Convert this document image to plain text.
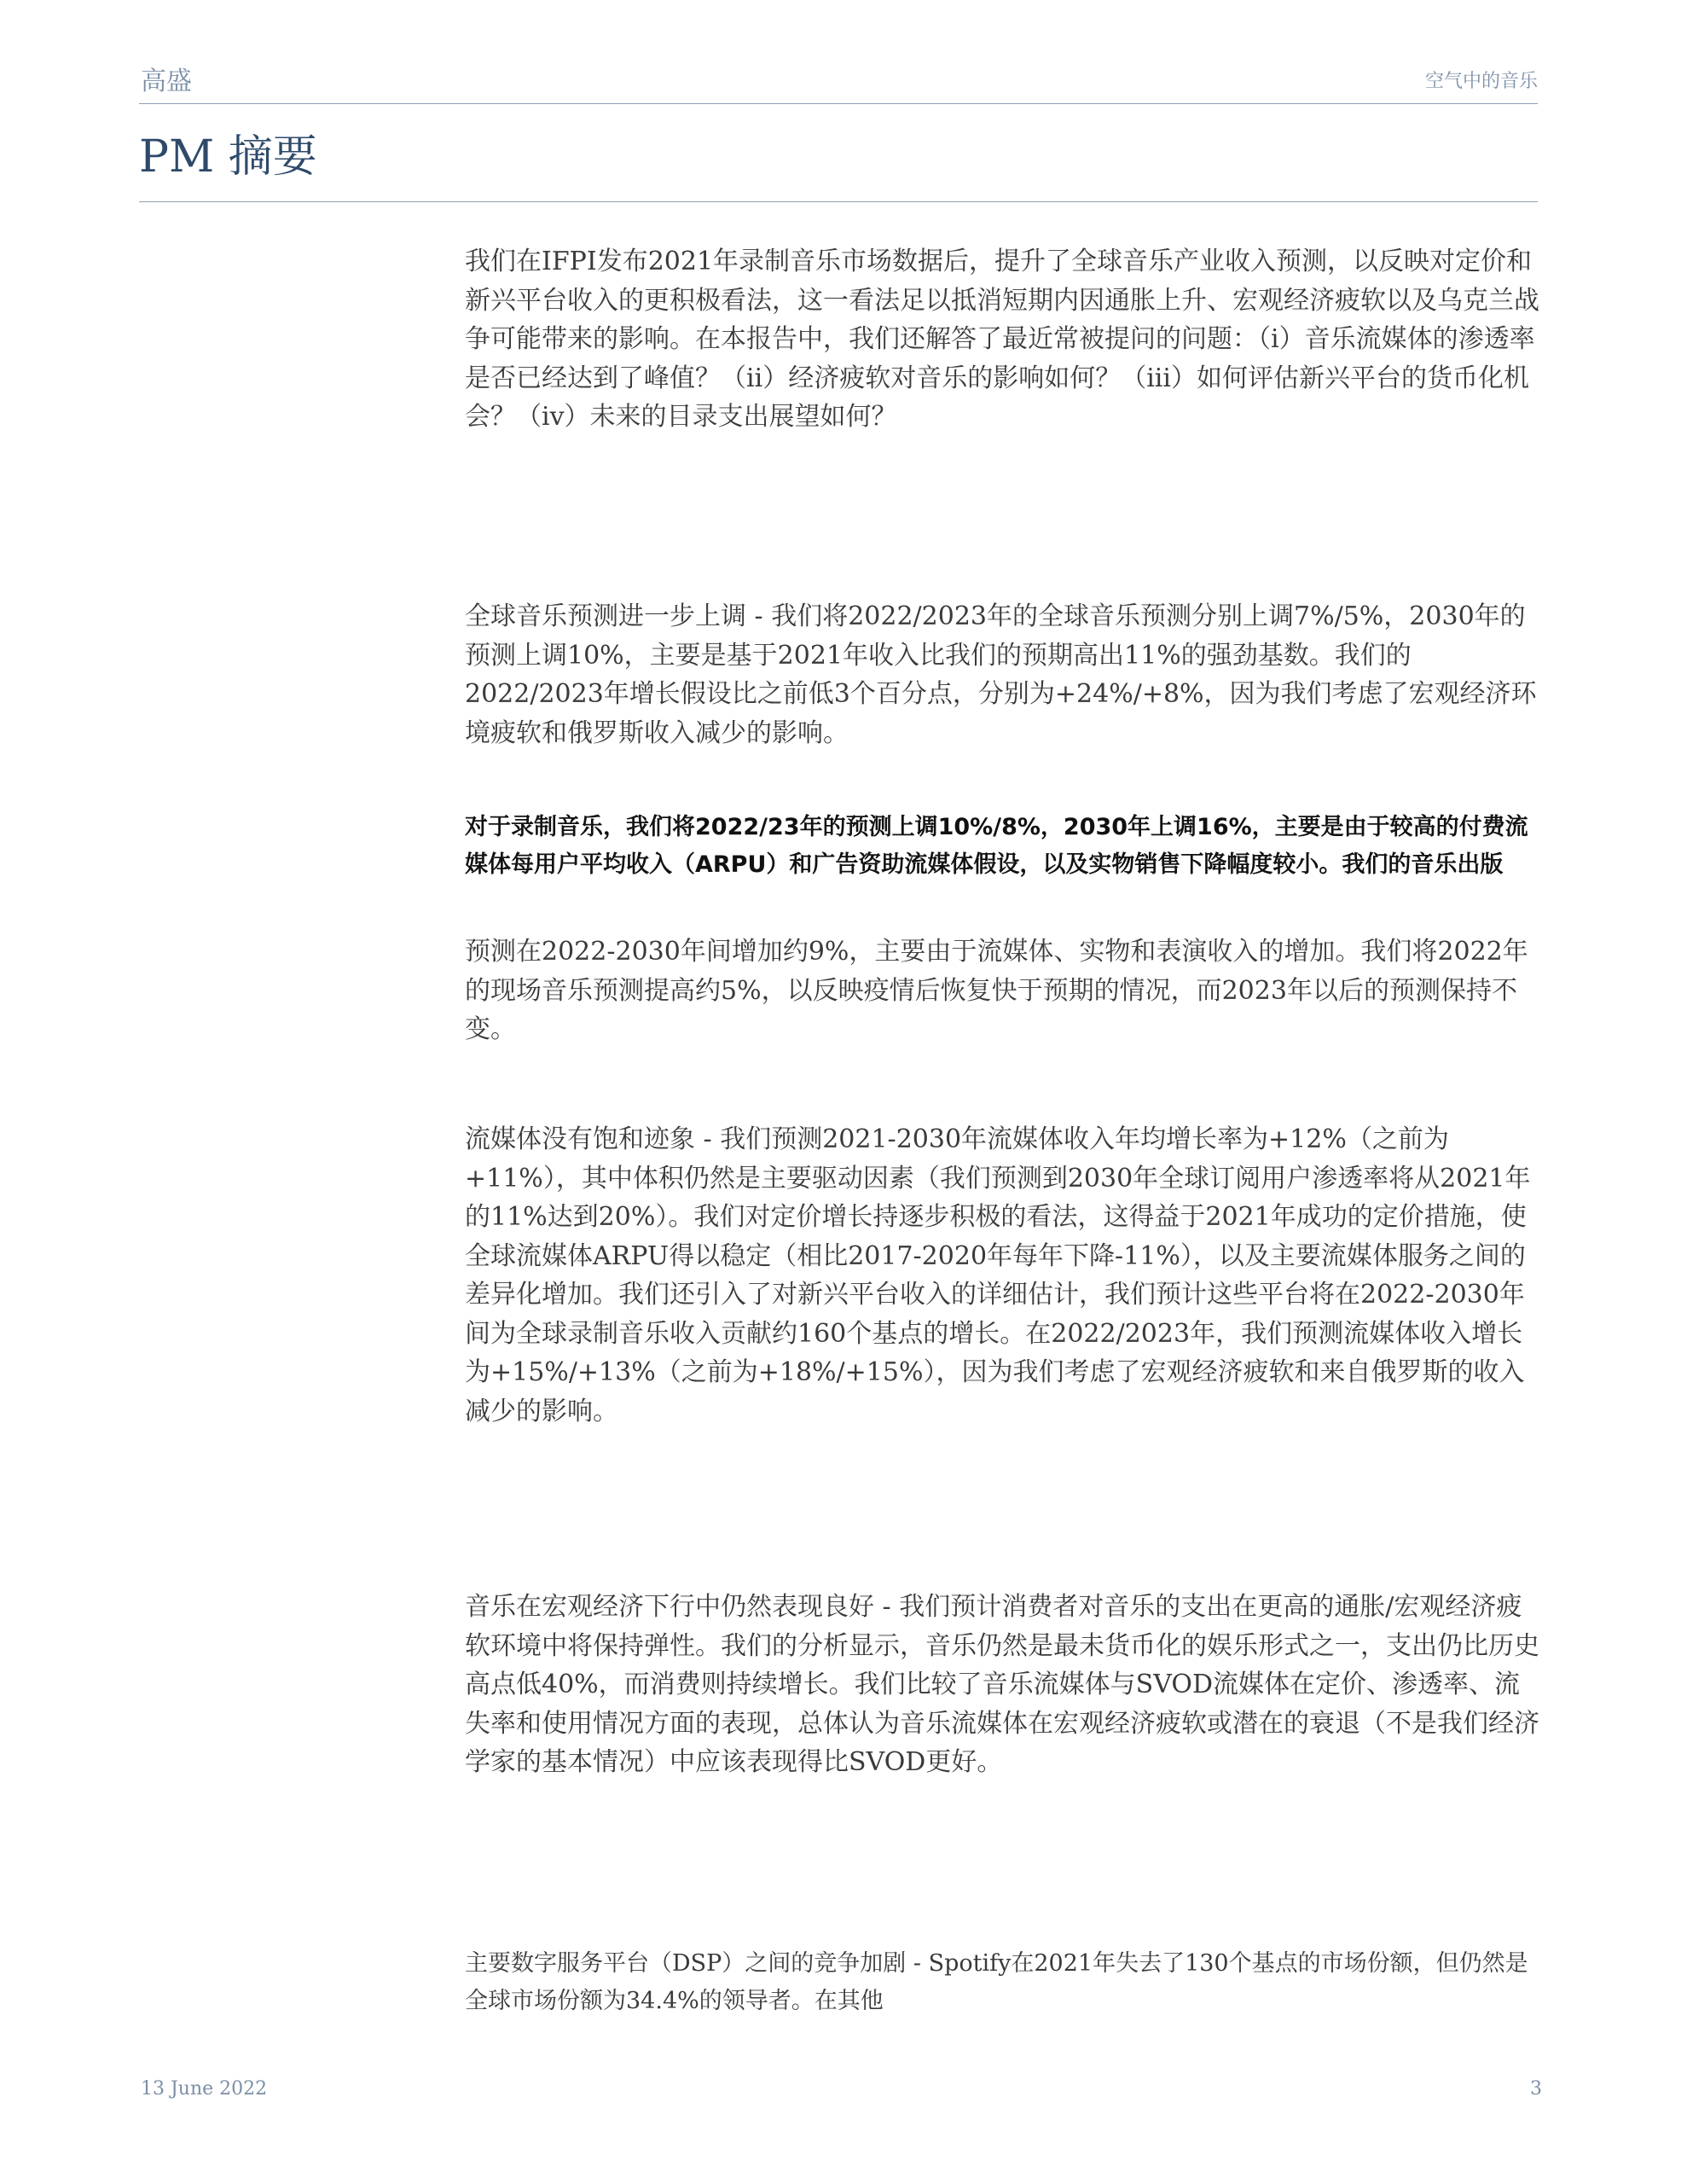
高盛	空气中的音乐
PM 摘要

我们在IFPI发布2021年录制音乐市场数据后，提升了全球音乐产业收入预测，以反映对定价和新兴平台收入的更积极看法，这一看法足以抵消短期内因通胀上升、宏观经济疲软以及乌克兰战争可能带来的影响。在本报告中，我们还解答了最近常被提问的问题：（i）音乐流媒体的渗透率是否已经达到了峰值？（ii）经济疲软对音乐的影响如何？（iii）如何评估新兴平台的货币化机会？（iv）未来的目录支出展望如何？

全球音乐预测进一步上调 - 我们将2022/2023年的全球音乐预测分别上调7%/5%，2030年的预测上调10%，主要是基于2021年收入比我们的预期高出11%的强劲基数。我们的2022/2023年增长假设比之前低3个百分点，分别为+24%/+8%，因为我们考虑了宏观经济环境疲软和俄罗斯收入减少的影响。

对于录制音乐，我们将2022/23年的预测上调10%/8%，2030年上调16%，主要是由于较高的付费流媒体每用户平均收入（ARPU）和广告资助流媒体假设，以及实物销售下降幅度较小。我们的音乐出版

预测在2022-2030年间增加约9%，主要由于流媒体、实物和表演收入的增加。我们将2022年的现场音乐预测提高约5%，以反映疫情后恢复快于预期的情况，而2023年以后的预测保持不变。

流媒体没有饱和迹象 - 我们预测2021-2030年流媒体收入年均增长率为+12%（之前为+11%），其中体积仍然是主要驱动因素（我们预测到2030年全球订阅用户渗透率将从2021年的11%达到20%）。我们对定价增长持逐步积极的看法，这得益于2021年成功的定价措施，使全球流媒体ARPU得以稳定（相比2017-2020年每年下降-11%），以及主要流媒体服务之间的差异化增加。我们还引入了对新兴平台收入的详细估计，我们预计这些平台将在2022-2030年间为全球录制音乐收入贡献约160个基点的增长。在2022/2023年，我们预测流媒体收入增长为+15%/+13%（之前为+18%/+15%），因为我们考虑了宏观经济疲软和来自俄罗斯的收入减少的影响。

音乐在宏观经济下行中仍然表现良好 - 我们预计消费者对音乐的支出在更高的通胀/宏观经济疲软环境中将保持弹性。我们的分析显示，音乐仍然是最未货币化的娱乐形式之一，支出仍比历史高点低40%，而消费则持续增长。我们比较了音乐流媒体与SVOD流媒体在定价、渗透率、流失率和使用情况方面的表现，总体认为音乐流媒体在宏观经济疲软或潜在的衰退（不是我们经济学家的基本情况）中应该表现得比SVOD更好。

主要数字服务平台（DSP）之间的竞争加剧 - Spotify在2021年失去了130个基点的市场份额，但仍然是全球市场份额为34.4%的领导者。在其他

13 June 2022	3
